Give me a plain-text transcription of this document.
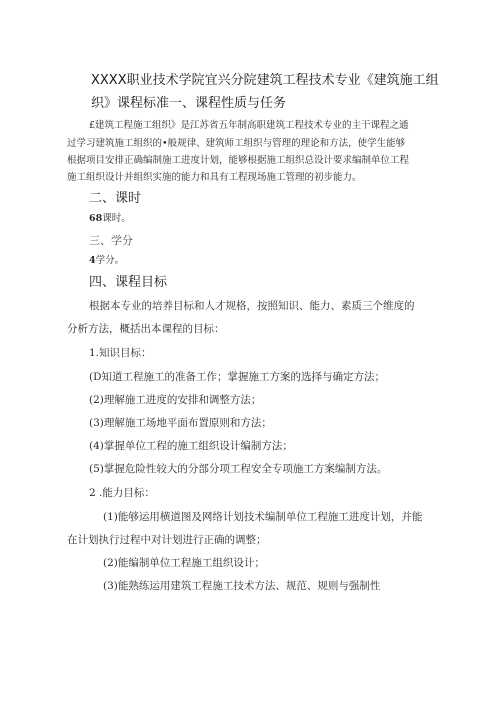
XXXX职业技术学院宜兴分院建筑工程技术专业《建筑施工组
织》课程标准一、课程性质与任务
£建筑工程施工组织》是江苏省五年制高职建筑工程技术专业的主干课程之通
过学习建筑施工组织的•般规律、建筑师工组织与管理的理论和方法，使学生能够
根据项目安排正确编制施工进度计划，能够根据施工组织总设计要求编制单位工程
施工组织设计并组织实施的能力和具有工程现场施工管理的初步能力。
二、课时
68课时。
三、学分
4学分。
四、课程目标
根据本专业的培养目标和人才规格，按照知识、能力、素质三个维度的
分析方法，概括出本课程的目标：
1.知识目标：
(D知道工程施工的准备工作；掌握施工方案的选择与确定方法；
(2)理解施工进度的安排和调整方法；
(3)理解施工场地平面布置原则和方法；
(4)掌握单位工程的施工组织设计编制方法；
(5)掌握危险性较大的分部分项工程安全专项施工方案编制方法。
2 .能力目标：
(1)能够运用横道图及网络计划技术编制单位工程施工进度计划，并能
在计划执行过程中对计划进行正确的调整；
(2)能编制单位工程施工组织设计；
(3)能熟练运用建筑工程施工技术方法、规范、规则与强制性
